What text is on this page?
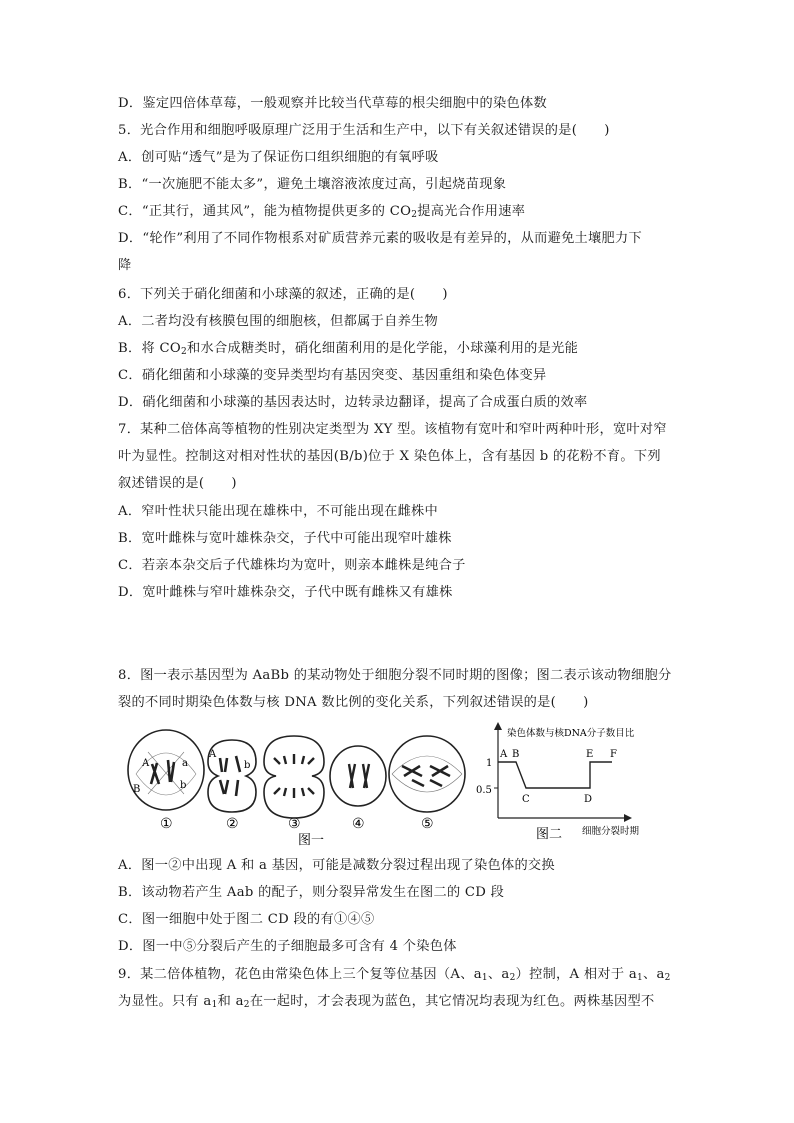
D．鉴定四倍体草莓，一般观察并比较当代草莓的根尖细胞中的染色体数
5．光合作用和细胞呼吸原理广泛用于生活和生产中，以下有关叙述错误的是(　　)
A．创可贴“透气”是为了保证伤口组织细胞的有氧呼吸
B．“一次施肥不能太多”，避免土壤溶液浓度过高，引起烧苗现象
C．“正其行，通其风”，能为植物提供更多的 $CO_2$提高光合作用速率
D．“轮作”利用了不同作物根系对矿质营养元素的吸收是有差异的，从而避免土壤肥力下
降
6．下列关于硝化细菌和小球藻的叙述，正确的是(　　)
A．二者均没有核膜包围的细胞核，但都属于自养生物
B．将 $CO_2$和水合成糖类时，硝化细菌利用的是化学能，小球藻利用的是光能
C．硝化细菌和小球藻的变异类型均有基因突变、基因重组和染色体变异
D．硝化细菌和小球藻的基因表达时，边转录边翻译，提高了合成蛋白质的效率
7．某种二倍体高等植物的性别决定类型为 XY 型。该植物有宽叶和窄叶两种叶形，宽叶对窄
叶为显性。控制这对相对性状的基因(B/b)位于 X 染色体上，含有基因 b 的花粉不育。下列
叙述错误的是(　　)
A．窄叶性状只能出现在雄株中，不可能出现在雌株中
B．宽叶雌株与宽叶雄株杂交，子代中可能出现窄叶雄株
C．若亲本杂交后子代雄株均为宽叶，则亲本雌株是纯合子
D．宽叶雌株与窄叶雄株杂交，子代中既有雌株又有雄株
8．图一表示基因型为 AaBb 的某动物处于细胞分裂不同时期的图像；图二表示该动物细胞分
裂的不同时期染色体数与核 DNA 数比例的变化关系，下列叙述错误的是(　　)
A	a
B	b
A
b
①	②	③	④	⑤
图一
染色体数与核DNA分子数目比
1
0.5
A B
C	D
E F
图二 细胞分裂时期
A．图一②中出现 A 和 a 基因，可能是减数分裂过程出现了染色体的交换
B．该动物若产生 Aab 的配子，则分裂异常发生在图二的 CD 段
C．图一细胞中处于图二 CD 段的有①④⑤
D．图一中⑤分裂后产生的子细胞最多可含有 4 个染色体
9．某二倍体植物，花色由常染色体上三个复等位基因（A、$a_1$、$a_2$）控制，A 相对于 $a_1$、$a_2$
为显性。只有 $a_1$和 $a_2$在一起时，才会表现为蓝色，其它情况均表现为红色。两株基因型不
